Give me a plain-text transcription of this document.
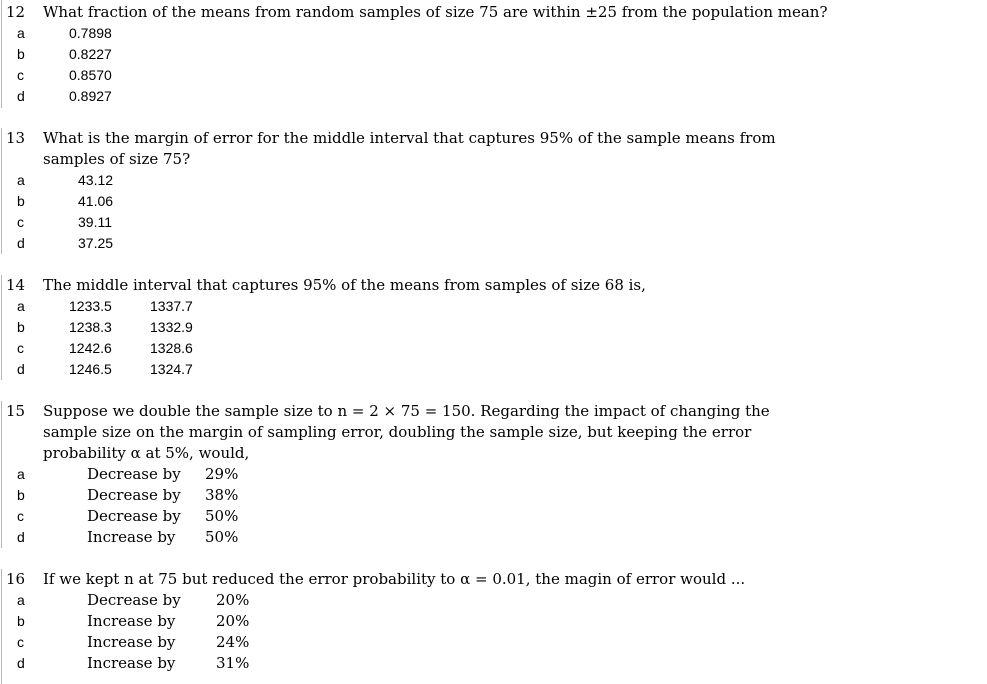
12 What fraction of the means from random samples of size 75 are within ±25 from the population mean?
a	0.7898
b	0.8227
c	0.8570
d	0.8927
13 What is the margin of error for the middle interval that captures 95% of the sample means from
samples of size 75?
a	43.12
b	41.06
c	39.11
d	37.25
14 The middle interval that captures 95% of the means from samples of size 68 is,
a	1233.5	1337.7
b	1238.3	1332.9
c	1242.6	1328.6
d	1246.5	1324.7
15 Suppose we double the sample size to n = 2 × 75 = 150. Regarding the impact of changing the
sample size on the margin of sampling error, doubling the sample size, but keeping the error
probability α at 5%, would,
a	Decrease by 29%
b	Decrease by 38%
c	Decrease by 50%
d	Increase by 50%
16 If we kept n at 75 but reduced the error probability to α = 0.01, the magin of error would ...
a	Decrease by 20%
b	Increase by	20%
c	Increase by	24%
d	Increase by	31%
